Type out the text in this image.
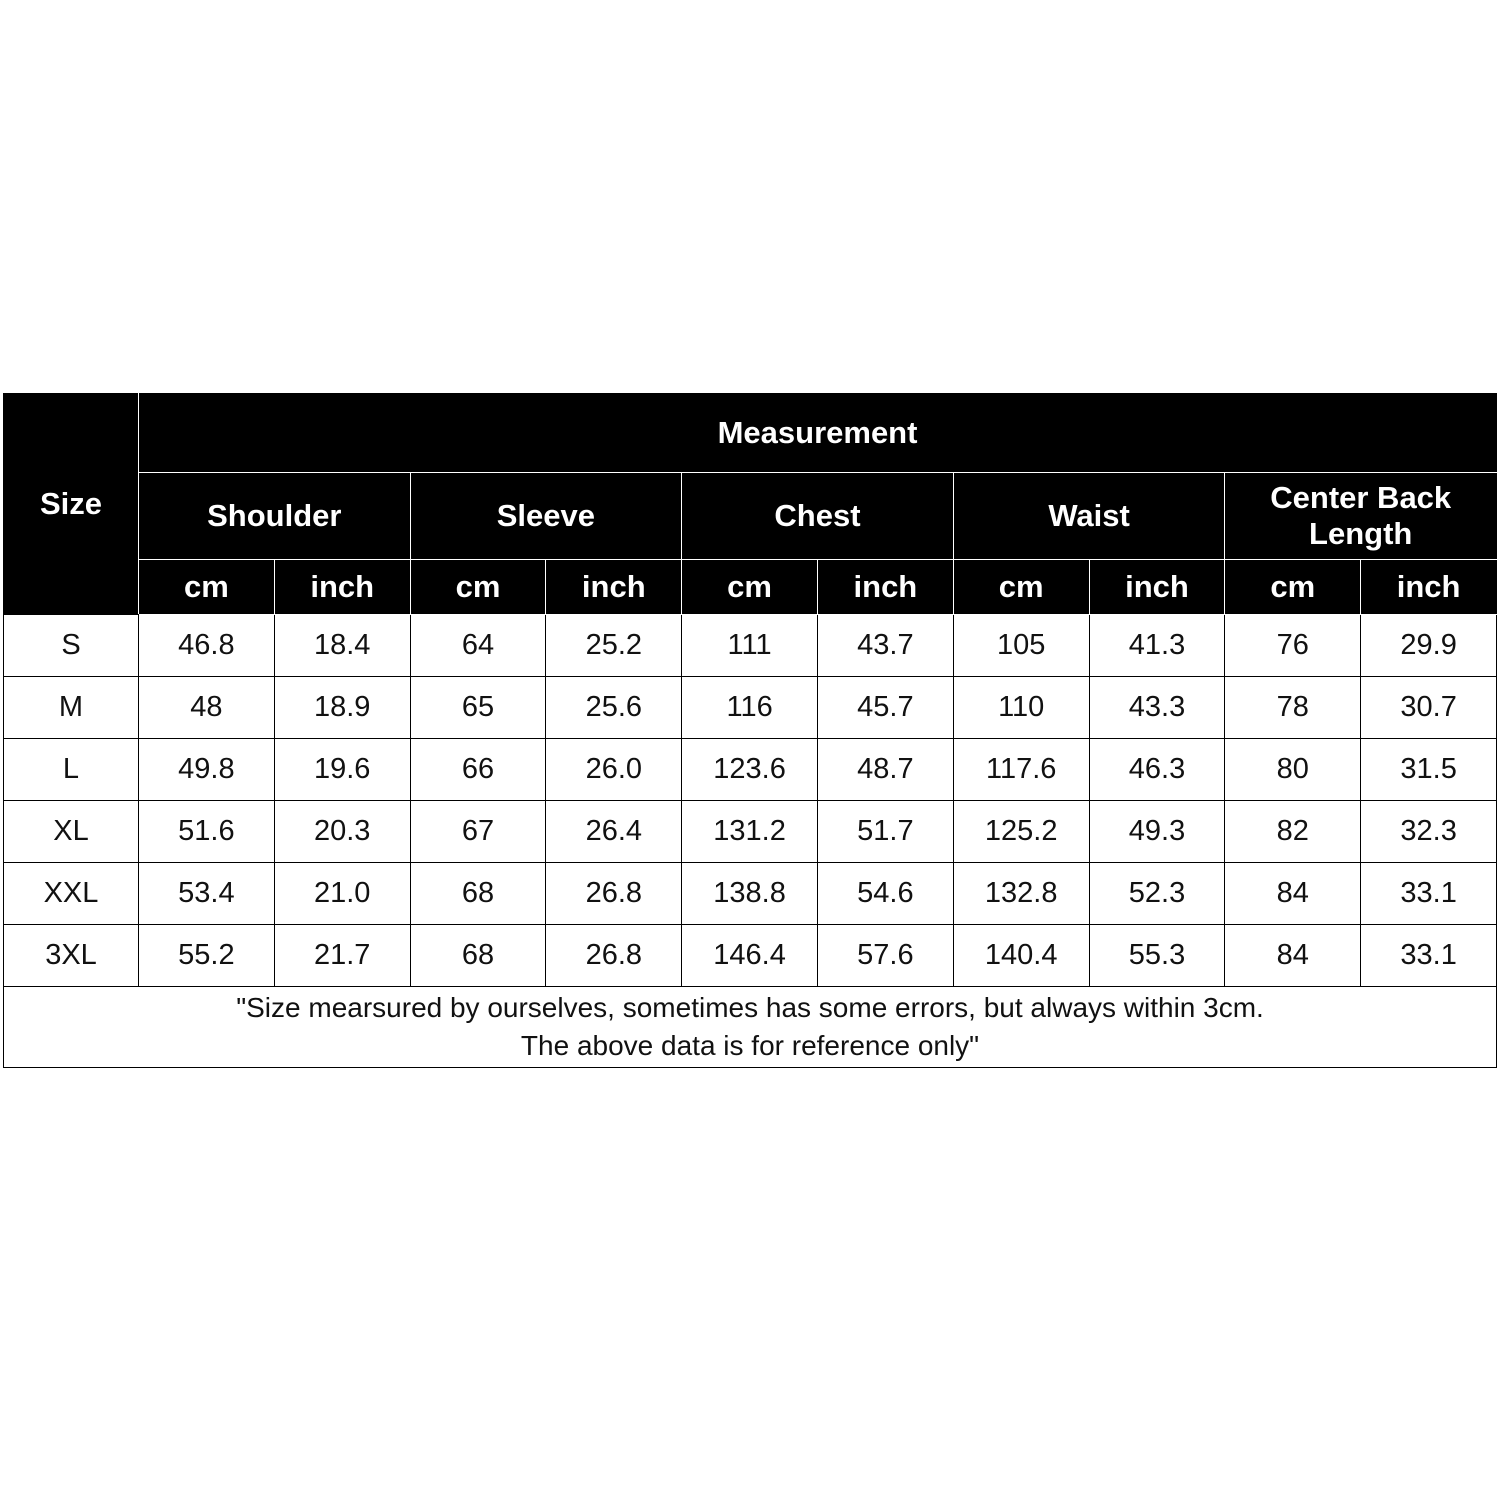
Size	Measurement									
	Shoulder		Sleeve		Chest		Waist		Center Back Length	
	cm	inch	cm	inch	cm	inch	cm	inch	cm	inch
S	46.8	18.4	64	25.2	111	43.7	105	41.3	76	29.9
M	48	18.9	65	25.6	116	45.7	110	43.3	78	30.7
L	49.8	19.6	66	26.0	123.6	48.7	117.6	46.3	80	31.5
XL	51.6	20.3	67	26.4	131.2	51.7	125.2	49.3	82	32.3
XXL	53.4	21.0	68	26.8	138.8	54.6	132.8	52.3	84	33.1
3XL	55.2	21.7	68	26.8	146.4	57.6	140.4	55.3	84	33.1

"Size mearsured by ourselves, sometimes has some errors, but always within 3cm.
The above data is for reference only"										
